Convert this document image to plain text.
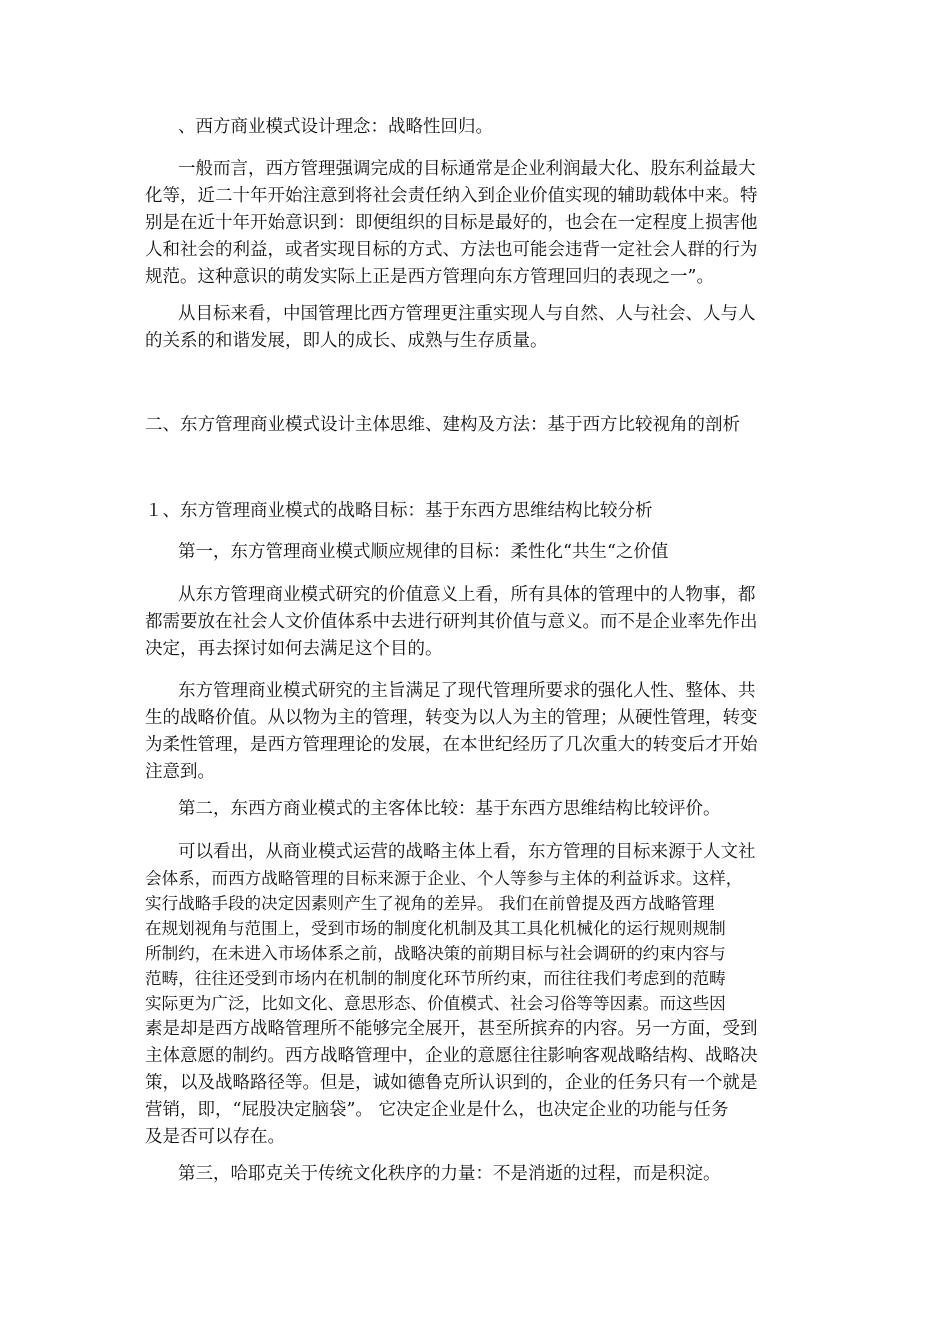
、西方商业模式设计理念：战略性回归。
一般而言，西方管理强调完成的目标通常是企业利润最大化、股东利益最大
化等，近二十年开始注意到将社会责任纳入到企业价值实现的辅助载体中来。特
别是在近十年开始意识到：即便组织的目标是最好的，也会在一定程度上损害他
人和社会的利益，或者实现目标的方式、方法也可能会违背一定社会人群的行为
规范。这种意识的萌发实际上正是西方管理向东方管理回归的表现之一”。
从目标来看，中国管理比西方管理更注重实现人与自然、人与社会、人与人
的关系的和谐发展，即人的成长、成熟与生存质量。
二、东方管理商业模式设计主体思维、建构及方法：基于西方比较视角的剖析
１、东方管理商业模式的战略目标：基于东西方思维结构比较分析
第一，东方管理商业模式顺应规律的目标：柔性化“共生“之价值
从东方管理商业模式研究的价值意义上看，所有具体的管理中的人物事，都
都需要放在社会人文价值体系中去进行研判其价值与意义。而不是企业率先作出
决定，再去探讨如何去满足这个目的。
东方管理商业模式研究的主旨满足了现代管理所要求的强化人性、整体、共
生的战略价值。从以物为主的管理，转变为以人为主的管理；从硬性管理，转变
为柔性管理，是西方管理理论的发展，在本世纪经历了几次重大的转变后才开始
注意到。
第二，东西方商业模式的主客体比较：基于东西方思维结构比较评价。
可以看出，从商业模式运营的战略主体上看，东方管理的目标来源于人文社
会体系，而西方战略管理的目标来源于企业、个人等参与主体的利益诉求。这样，
实行战略手段的决定因素则产生了视角的差异。 我们在前曾提及西方战略管理
在规划视角与范围上，受到市场的制度化机制及其工具化机械化的运行规则规制
所制约，在未进入市场体系之前，战略决策的前期目标与社会调研的约束内容与
范畴，往往还受到市场内在机制的制度化环节所约束，而往往我们考虑到的范畴
实际更为广泛，比如文化、意思形态、价值模式、社会习俗等等因素。而这些因
素是却是西方战略管理所不能够完全展开，甚至所摈弃的内容。另一方面，受到
主体意愿的制约。西方战略管理中，企业的意愿往往影响客观战略结构、战略决
策，以及战略路径等。但是，诚如德鲁克所认识到的，企业的任务只有一个就是
营销，即，“屁股决定脑袋”。 它决定企业是什么，也决定企业的功能与任务
及是否可以存在。
第三，哈耶克关于传统文化秩序的力量：不是消逝的过程，而是积淀。
